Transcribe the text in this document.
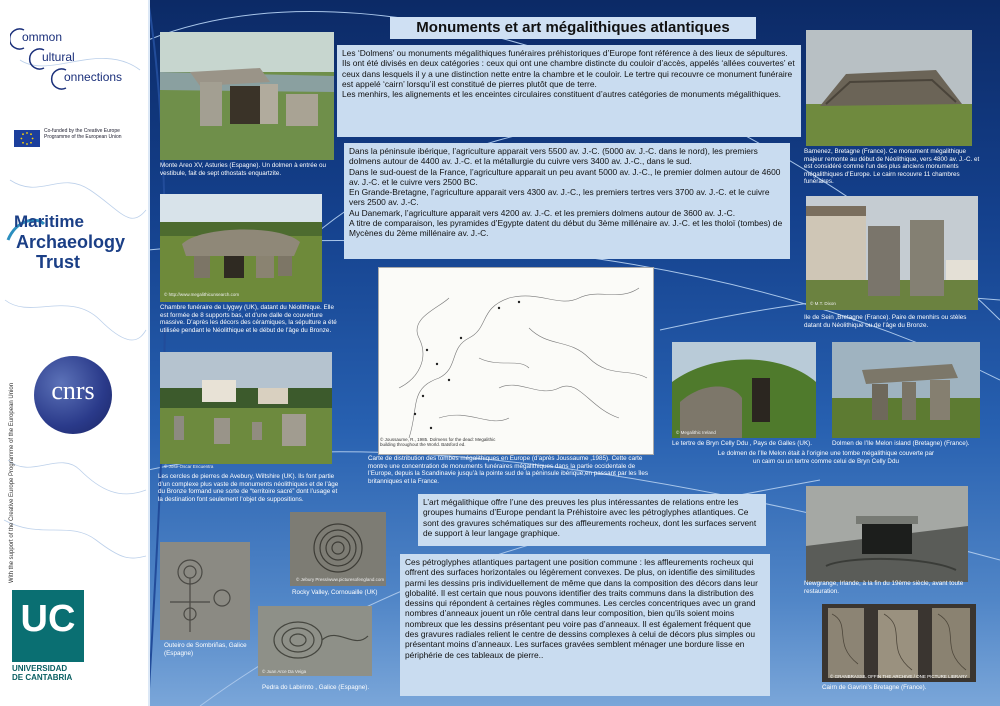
ommon
ultural
onnections
Co-funded by the Creative Europe Programme of the European Union
Maritime
Archaeology
Trust
cnrs
With the support of the Creative Europe Programme of the European Union
UC
UNIVERSIDAD
DE CANTABRIA
Monuments et art mégalithiques atlantiques

Les ‘Dolmens’ ou monuments mégalithiques funéraires préhistoriques d’Europe font référence à des lieux de sépultures. Ils ont été divisés en deux catégories : ceux qui ont une chambre distincte du couloir d’accès, appelés ‘allées couvertes’ et ceux dans lesquels il y a une distinction nette entre la chambre et le couloir. Le tertre qui recouvre ce monument funéraire est appelé ‘cairn’ lorsqu’il est constitué de pierres plutôt que de terre.

Les menhirs, les alignements et les enceintes circulaires constituent d’autres catégories de monuments mégalithiques.

Dans la péninsule ibérique, l’agriculture apparait vers 5500 av. J.-C. (5000 av. J.-C. dans le nord), les premiers dolmens autour de 4400 av. J.-C. et la métallurgie du cuivre vers 3400 av. J.-C., dans le sud.

Dans le sud-ouest de la France, l’agriculture apparait un peu avant 5000 av. J.-C., le premier dolmen autour de 4600 av. J.-C. et le cuivre vers 2500 BC.

En Grande-Bretagne, l’agriculture apparait vers 4300 av. J.-C., les premiers tertres vers 3700 av. J.-C. et le cuivre vers 2500 av. J.-C.

Au Danemark, l’agriculture apparait vers 4200 av. J.-C. et les premiers dolmens autour de 3600 av. J.-C.

A titre de comparaison, les pyramides d’Egypte datent du début du 3ème millénaire av. J.-C. et les tholoï (tombes) de Mycènes du 2ème millénaire av. J.-C.

L’art mégalithique offre l’une des preuves les plus intéressantes de relations entre les groupes humains d’Europe pendant la Préhistoire avec les pétroglyphes atlantiques. Ce sont des gravures schématiques sur des affleurements rocheux, dont les surfaces servent de support à leur langage graphique.

Ces pétroglyphes atlantiques partagent une position commune : les affleurements rocheux qui offrent des surfaces horizontales ou légèrement convexes. De plus, on identifie des similitudes parmi les dessins pris individuellement de même que dans la composition des décors dans leur globalité. Il est certain que nous pouvons identifier des traits communs dans la distribution des dessins qui répondent à certaines règles communes. Les cercles concentriques avec un grand nombres d’anneaux jouent un rôle central dans leur composition, bien qu’ils soient moins nombreux que les dessins présentant peu voire pas d’anneaux. Il est également fréquent que des gravures radiales relient le centre de dessins complexes à celui de décors plus simples ou présentant moins d’anneaux. Les surfaces gravées semblent ménager une bordure lisse en périphérie de ces tableaux de pierre..

Monte Areo XV, Asturies (Espagne). Un dolmen à entrée ou vestibule, fait de sept othostats enquartzite.
© http://www.megalithicunsearch.com
Chambre funéraire de Llygwy (UK), datant du Néolithique. Elle est formée de 8 supports bas, et d’une dalle de couverture massive. D’après les décors des céramiques, la sépulture a été utilisée pendant le Néolithique et le début de l’âge du Bronze.
© Jose-Oscar Encuentra
Les cercles de pierres de Avebury, Wiltshire (UK). Ils font partie d’un complexe plus vaste de monuments néolithiques et de l’âge du Bronze formand une sorte de “territoire sacré” dont l’usage et la destination font seulement l’objet de suppositions.
© Joussaume, R., 1985. Dolmens for the dead: Megalithic building throughout the World. Batsford ed.
Carte de distribution des tombes mégalithiques en Europe (d’après Joussaume ,1985). Cette carte montre une concentration de monuments funéraires mégalithiques dans la partie occidentale de l’Europe, depuis la Scandinavie jusqu’à la pointe sud de la péninsule ibérique,en passant par les îles britanniques et la France.
© Jebury Press/www.picturesofengland.com
Rocky Valley, Cornouaille (UK)
Outeiro de Sombriñas, Galice (Espagne)
© Juan Arce Da Veiga
Pedra do Labirinto , Galice (Espagne).
Barnenez, Bretagne (France). Ce monument mégalithique majeur remonte au début de Néolithique, vers 4800 av. J.-C. et est considéré comme l’un des plus anciens monuments mégalithiques d’Europe. Le cairn recouvre 11 chambres funéraires.
© M.T. Dixon
Ile de Sein ,Bretagne (France). Paire de menhirs ou stèles datant du Néolithique ou de l’âge du Bronze.
© Megalithic Ireland
Le tertre de Bryn Celly Ddu , Pays de Galles (UK).	Dolmen de l’Ile Melon island (Bretagne) (France).
Le dolmen de l’Ile Melon était à l’origine une tombe mégalithique couverte par un cairn ou un tertre comme celui de Bryn Celly Ddu
Newgrange, Irlande, à la fin du 19ème siècle, avant toute restauration.
© GRANBRASSIL OFFIN THE ARCHIVE / ONE PICTURE LIBRARY
Cairn de Gavrini’s Bretagne (France).
